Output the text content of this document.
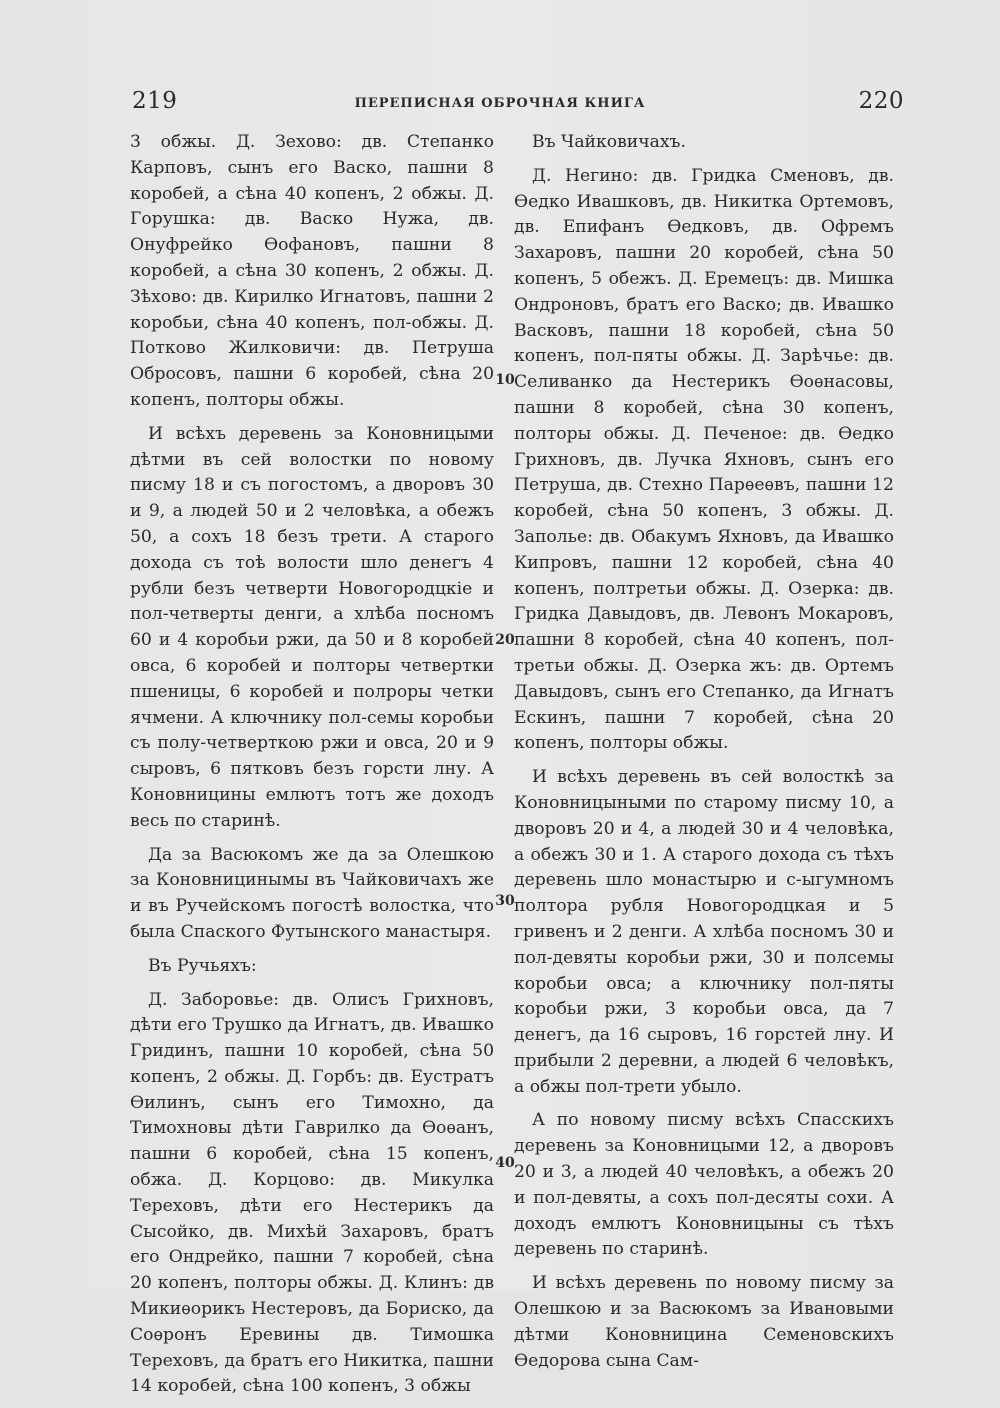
219	ПЕРЕПИСНАЯ ОБРОЧНАЯ КНИГА	220

3 обжы. Д. Зехово: дв. Степанко Карповъ, сынъ его Васко, пашни 8 коробей, а сѣна 40 копенъ, 2 обжы. Д. Горушка: дв. Васко Нужа, дв. Онуфрейко Ѳофановъ, пашни 8 коробей, а сѣна 30 копенъ, 2 обжы. Д. Зѣхово: дв. Кирилко Игнатовъ, пашни 2 коробьи, сѣна 40 копенъ, пол-обжы. Д. Потково Жилковичи: дв. Петруша Обросовъ, пашни 6 коробей, сѣна 20 копенъ, полторы обжы.

И всѣхъ деревень за Коновницыми дѣтми въ сей волостки по новому писму 18 и съ погостомъ, а дворовъ 30 и 9, а людей 50 и 2 человѣка, а обежъ 50, а сохъ 18 безъ трети. А старого дохода съ тоѣ волости шло денегъ 4 рубли безъ четверти Новогородцкіе и пол-четверты денги, а хлѣба посномъ 60 и 4 коробьи ржи, да 50 и 8 коробей овса, 6 коробей и полторы четвертки пшеницы, 6 коробей и полроры четки ячмени. А ключнику пол-семы коробьи съ полу-четверткою ржи и овса, 20 и 9 сыровъ, 6 пятковъ безъ горсти лну. А Коновницины емлютъ тотъ же доходъ весь по старинѣ.

Да за Васюкомъ же да за Олешкою за Коновницинымы въ Чайковичахъ же и въ Ручейскомъ погостѣ волостка, что была Спаского Футынского манастыря.

Въ Ручьяхъ:

Д. Заборовье: дв. Олисъ Грихновъ, дѣти его Трушко да Игнатъ, дв. Ивашко Гридинъ, пашни 10 коробей, сѣна 50 копенъ, 2 обжы. Д. Горбъ: дв. Еустратъ Ѳилинъ, сынъ его Тимохно, да Тимохновы дѣти Гаврилко да Ѳоѳанъ, пашни 6 коробей, сѣна 15 копенъ, обжа. Д. Корцово: дв. Микулка Тереховъ, дѣти его Нестерикъ да Сысойко, дв. Михѣй Захаровъ, братъ его Ондрейко, пашни 7 коробей, сѣна 20 копенъ, полторы обжы. Д. Клинъ: дв Микиѳорикъ Нестеровъ, да Бориско, да Соѳронъ Еревины дв. Тимошка Тереховъ, да братъ его Никитка, пашни 14 коробей, сѣна 100 копенъ, 3 обжы

Въ Чайковичахъ.

Д. Негино: дв. Гридка Сменовъ, дв. Ѳедко Ивашковъ, дв. Никитка Ортемовъ, дв. Епифанъ Ѳедковъ, дв. Офремъ Захаровъ, пашни 20 коробей, сѣна 50 копенъ, 5 обежъ. Д. Еремецъ: дв. Мишка Ондроновъ, братъ его Васко; дв. Ивашко Васковъ, пашни 18 коробей, сѣна 50 копенъ, пол-пяты обжы. Д. Зарѣчье: дв. Селиванко да Нестерикъ Ѳоѳнасовы, пашни 8 коробей, сѣна 30 копенъ, полторы обжы. Д. Печеное: дв. Ѳедко Грихновъ, дв. Лучка Яхновъ, сынъ его Петруша, дв. Стехно Парѳеѳвъ, пашни 12 коробей, сѣна 50 копенъ, 3 обжы. Д. Заполье: дв. Обакумъ Яхновъ, да Ивашко Кипровъ, пашни 12 коробей, сѣна 40 копенъ, полтретьи обжы. Д. Озерка: дв. Гридка Давыдовъ, дв. Левонъ Мокаровъ, пашни 8 коробей, сѣна 40 копенъ, пол-третьи обжы. Д. Озерка жъ: дв. Ортемъ Давыдовъ, сынъ его Степанко, да Игнатъ Ескинъ, пашни 7 коробей, сѣна 20 копенъ, полторы обжы.

И всѣхъ деревень въ сей волосткѣ за Коновницыными по старому писму 10, а дворовъ 20 и 4, а людей 30 и 4 человѣка, а обежъ 30 и 1. А старого дохода съ тѣхъ деревень шло монастырю и с-ыгумномъ полтора рубля Новогородцкая и 5 гривенъ и 2 денги. А хлѣба посномъ 30 и пол-девяты коробьи ржи, 30 и полсемы коробьи овса; а ключнику пол-пяты коробьи ржи, 3 коробьи овса, да 7 денегъ, да 16 сыровъ, 16 горстей лну. И прибыли 2 деревни, а людей 6 человѣкъ, а обжы пол-трети убыло.

А по новому писму всѣхъ Спасскихъ деревень за Коновницыми 12, а дворовъ 20 и 3, а людей 40 человѣкъ, а обежъ 20 и пол-девяты, а сохъ пол-десяты сохи. А доходъ емлютъ Коновницыны съ тѣхъ деревень по старинѣ.

И всѣхъ деревень по новому писму за Олешкою и за Васюкомъ за Ивановыми дѣтми Коновницина Семеновскихъ Ѳедорова сына Сам-

10
20
30
40
